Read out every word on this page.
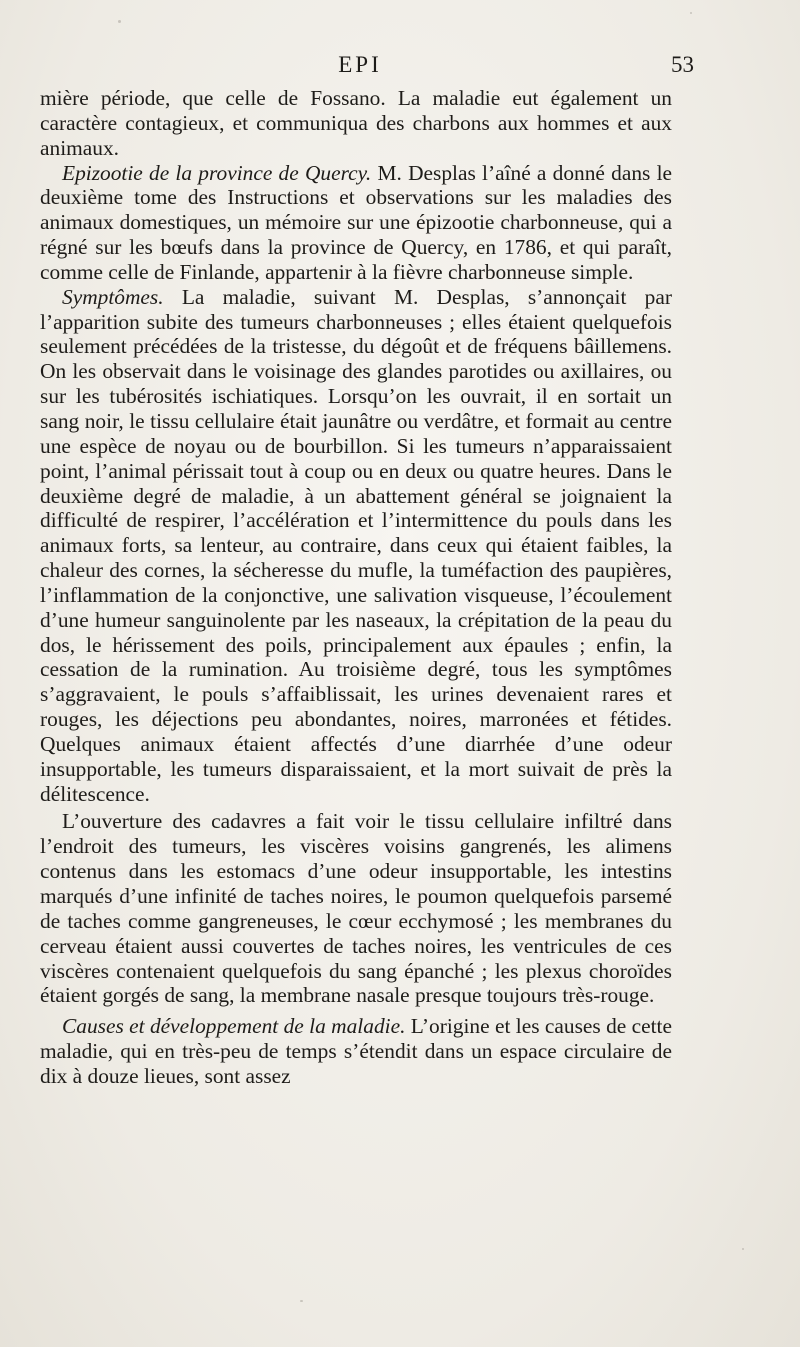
EPI	53

mière période, que celle de Fossano. La maladie eut également un caractère contagieux, et communiqua des charbons aux hommes et aux animaux.

Epizootie de la province de Quercy. M. Desplas l’aîné a donné dans le deuxième tome des Instructions et observations sur les maladies des animaux domestiques, un mémoire sur une épizootie charbonneuse, qui a régné sur les bœufs dans la province de Quercy, en 1786, et qui paraît, comme celle de Finlande, appartenir à la fièvre charbonneuse simple.

Symptômes. La maladie, suivant M. Desplas, s’annonçait par l’apparition subite des tumeurs charbonneuses ; elles étaient quelquefois seulement précédées de la tristesse, du dégoût et de fréquens bâillemens. On les observait dans le voisinage des glandes parotides ou axillaires, ou sur les tubérosités ischiatiques. Lorsqu’on les ouvrait, il en sortait un sang noir, le tissu cellulaire était jaunâtre ou verdâtre, et formait au centre une espèce de noyau ou de bourbillon. Si les tumeurs n’apparaissaient point, l’animal périssait tout à coup ou en deux ou quatre heures. Dans le deuxième degré de maladie, à un abattement général se joignaient la difficulté de respirer, l’accélération et l’intermittence du pouls dans les animaux forts, sa lenteur, au contraire, dans ceux qui étaient faibles, la chaleur des cornes, la sécheresse du mufle, la tuméfaction des paupières, l’inflammation de la conjonctive, une salivation visqueuse, l’écoulement d’une humeur sanguinolente par les naseaux, la crépitation de la peau du dos, le hérissement des poils, principalement aux épaules ; enfin, la cessation de la rumination. Au troisième degré, tous les symptômes s’aggravaient, le pouls s’affaiblissait, les urines devenaient rares et rouges, les déjections peu abondantes, noires, marronées et fétides. Quelques animaux étaient affectés d’une diarrhée d’une odeur insupportable, les tumeurs disparaissaient, et la mort suivait de près la délitescence.

L’ouverture des cadavres a fait voir le tissu cellulaire infiltré dans l’endroit des tumeurs, les viscères voisins gangrenés, les alimens contenus dans les estomacs d’une odeur insupportable, les intestins marqués d’une infinité de taches noires, le poumon quelquefois parsemé de taches comme gangreneuses, le cœur ecchymosé ; les membranes du cerveau étaient aussi couvertes de taches noires, les ventricules de ces viscères contenaient quelquefois du sang épanché ; les plexus choroïdes étaient gorgés de sang, la membrane nasale presque toujours très-rouge.

Causes et développement de la maladie. L’origine et les causes de cette maladie, qui en très-peu de temps s’étendit dans un espace circulaire de dix à douze lieues, sont assez
